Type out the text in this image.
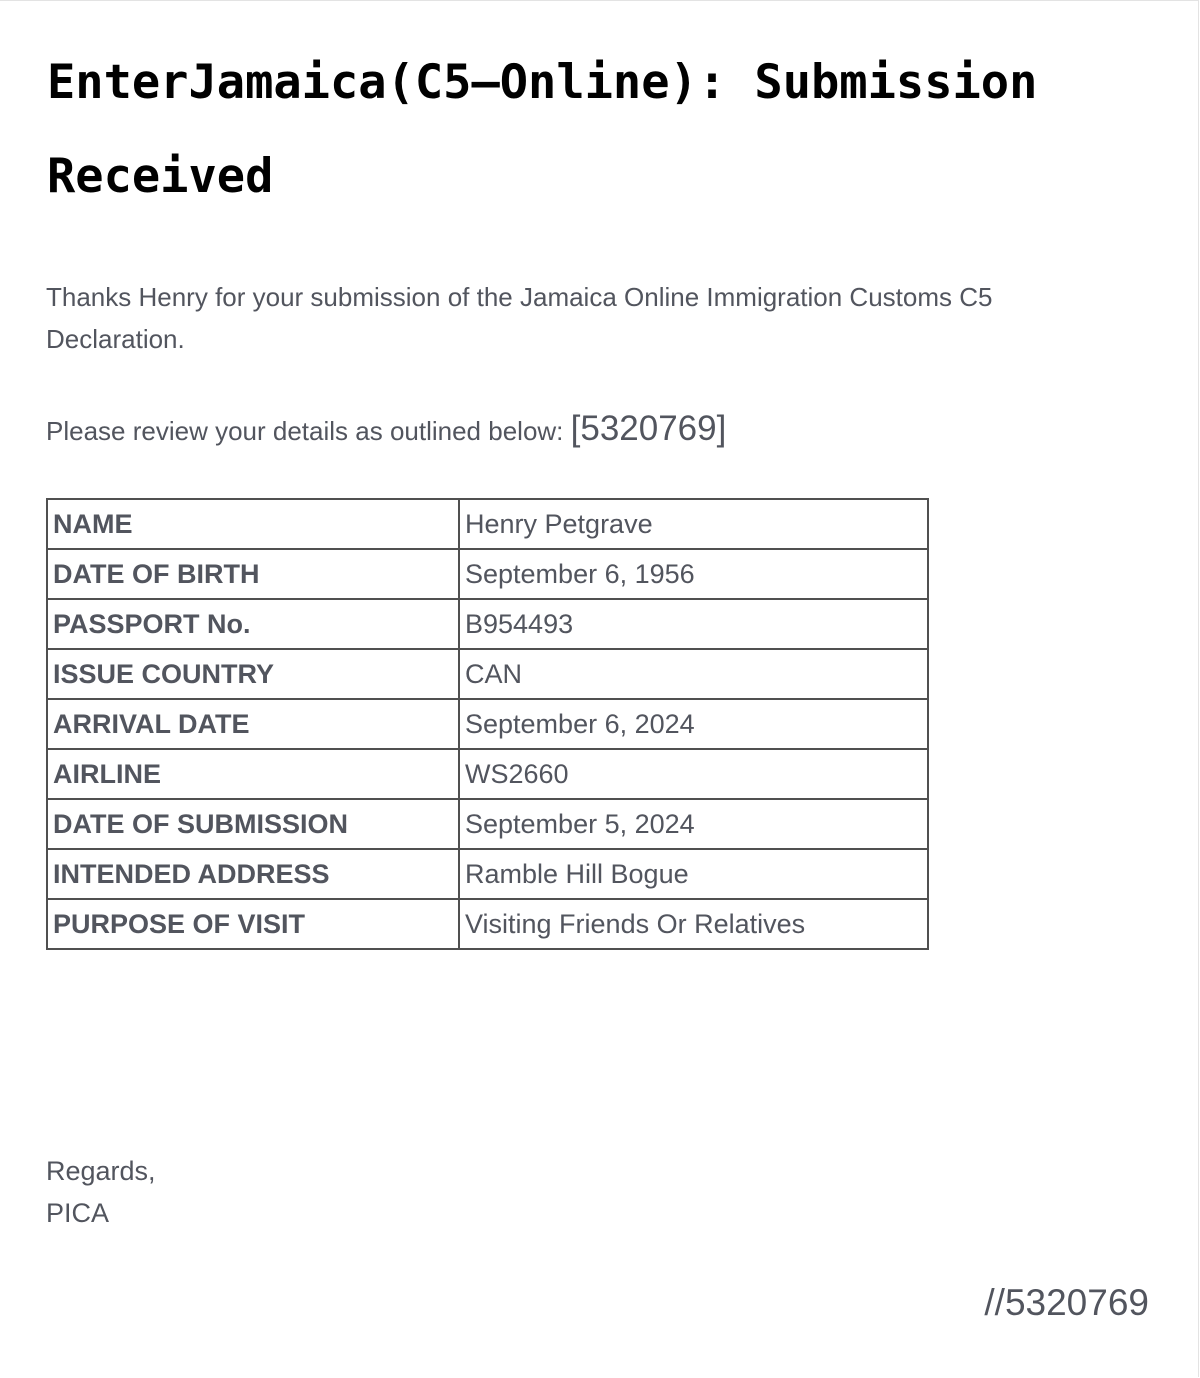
EnterJamaica(C5–Online): Submission Received

Thanks Henry for your submission of the Jamaica Online Immigration Customs C5 Declaration.

Please review your details as outlined below: [5320769]

NAME	Henry Petgrave
DATE OF BIRTH	September 6, 1956
PASSPORT No.	B954493
ISSUE COUNTRY	CAN
ARRIVAL DATE	September 6, 2024
AIRLINE	WS2660
DATE OF SUBMISSION	September 5, 2024
INTENDED ADDRESS	Ramble Hill Bogue
PURPOSE OF VISIT	Visiting Friends Or Relatives
Regards,
PICA

//5320769
